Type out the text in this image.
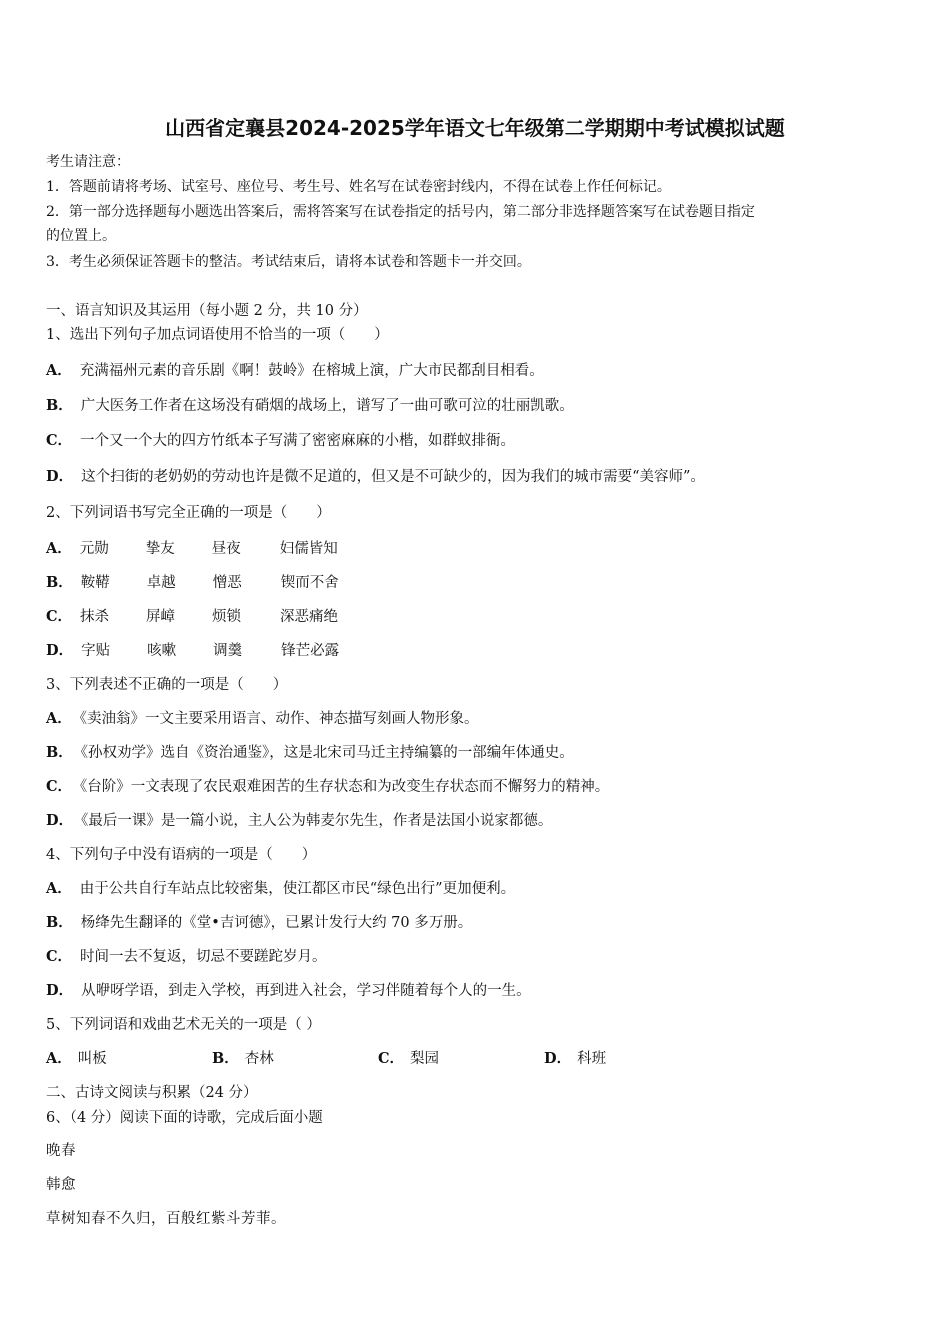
山西省定襄县2024-2025学年语文七年级第二学期期中考试模拟试题
考生请注意：
1．答题前请将考场、试室号、座位号、考生号、姓名写在试卷密封线内，不得在试卷上作任何标记。
2．第一部分选择题每小题选出答案后，需将答案写在试卷指定的括号内，第二部分非选择题答案写在试卷题目指定
的位置上。
3．考生必须保证答题卡的整洁。考试结束后，请将本试卷和答题卡一并交回。
一、语言知识及其运用（每小题 2 分，共 10 分）
1、选出下列句子加点词语使用不恰当的一项（　　）
A． 充满福州元素的音乐剧《啊！鼓岭》在榕城上演，广大市民都刮目相看。
B． 广大医务工作者在这场没有硝烟的战场上，谱写了一曲可歌可泣的壮丽凯歌。
C． 一个又一个大的四方竹纸本子写满了密密麻麻的小楷，如群蚁排衙。
D． 这个扫街的老奶奶的劳动也许是微不足道的，但又是不可缺少的，因为我们的城市需要“美容师”。
2、下列词语书写完全正确的一项是（　　）
A． 元勋	挚友	昼夜	妇儒皆知
B． 鞍鞯	卓越	憎恶	锲而不舍
C． 抹杀	屏嶂	烦锁	深恶痛绝
D． 字贴	咳嗽	调羹	锋芒必露
3、下列表述不正确的一项是（　　）
A． 《卖油翁》一文主要采用语言、动作、神态描写刻画人物形象。
B． 《孙权劝学》选自《资治通鉴》，这是北宋司马迁主持编纂的一部编年体通史。
C． 《台阶》一文表现了农民艰难困苦的生存状态和为改变生存状态而不懈努力的精神。
D． 《最后一课》是一篇小说，主人公为韩麦尔先生，作者是法国小说家都德。
4、下列句子中没有语病的一项是（　　）
A． 由于公共自行车站点比较密集，使江都区市民“绿色出行”更加便利。
B． 杨绛先生翻译的《堂•吉诃德》，已累计发行大约 70 多万册。
C． 时间一去不复返，切忌不要蹉跎岁月。
D． 从咿呀学语，到走入学校，再到进入社会，学习伴随着每个人的一生。
5、下列词语和戏曲艺术无关的一项是（ ）
A． 叫板	B． 杏林	C． 梨园	D． 科班
二、古诗文阅读与积累（24 分）
6、（4 分）阅读下面的诗歌，完成后面小题
晚春
韩愈
草树知春不久归，百般红紫斗芳菲。
